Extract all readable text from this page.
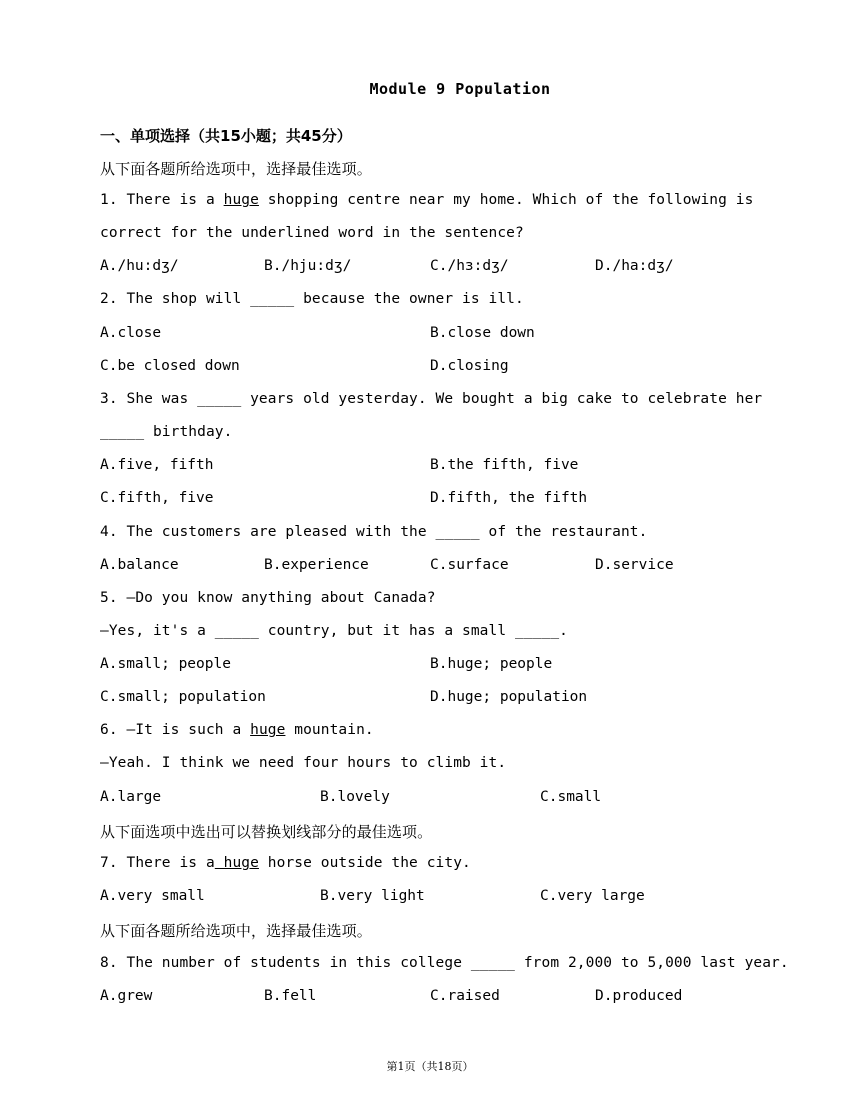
Module 9 Population
一、单项选择（共15小题；共45分）
从下面各题所给选项中，选择最佳选项。
1. There is a huge shopping centre near my home. Which of the following is
correct for the underlined word in the sentence?
A./hu:dʒ/	B./hju:dʒ/	C./hɜ:dʒ/	D./ha:dʒ/
2. The shop will _____ because the owner is ill.
A.close	B.close down
C.be closed down	D.closing
3. She was _____ years old yesterday. We bought a big cake to celebrate her
_____ birthday.
A.five, fifth	B.the fifth, five
C.fifth, five	D.fifth, the fifth
4. The customers are pleased with the _____ of the restaurant.
A.balance	B.experience	C.surface	D.service
5. —Do you know anything about Canada?
—Yes, it's a _____ country, but it has a small _____.
A.small; people	B.huge; people
C.small; population	D.huge; population
6. —It is such a huge mountain.
—Yeah. I think we need four hours to climb it.
A.large	B.lovely	C.small
从下面选项中选出可以替换划线部分的最佳选项。
7. There is a huge horse outside the city.
A.very small	B.very light	C.very large
从下面各题所给选项中，选择最佳选项。
8. The number of students in this college _____ from 2,000 to 5,000 last year.
A.grew	B.fell	C.raised	D.produced
第1页（共18页）
